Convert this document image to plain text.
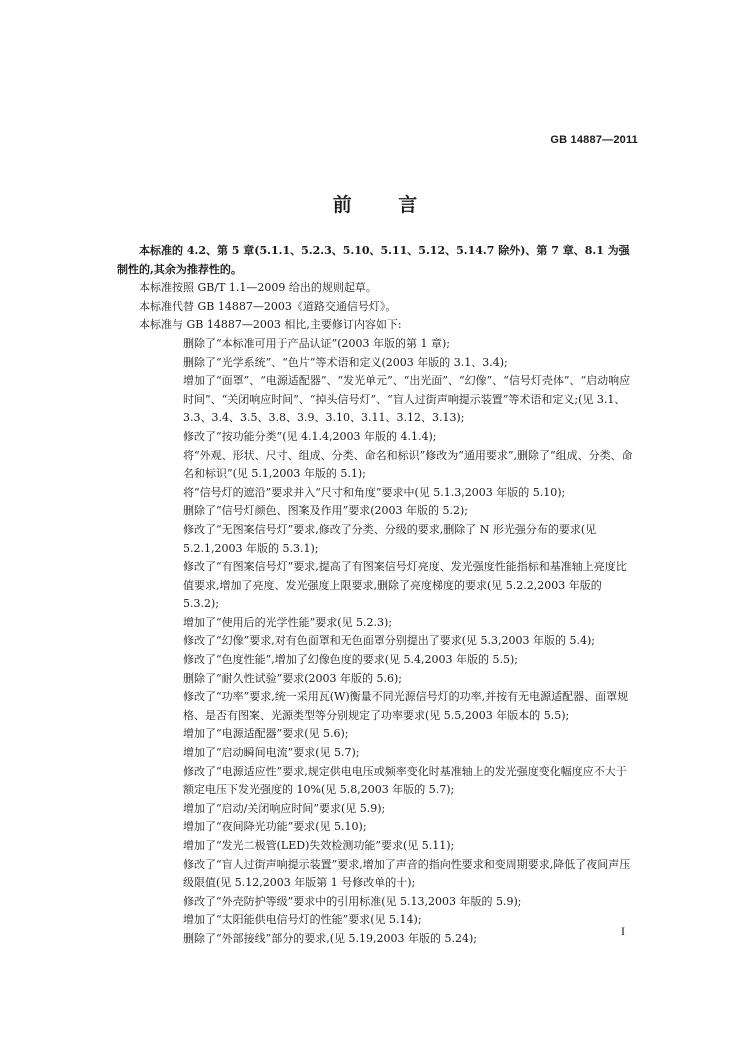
GB 14887—2011
前 言

本标准的 4.2、第 5 章(5.1.1、5.2.3、5.10、5.11、5.12、5.14.7 除外)、第 7 章、8.1 为强制性的,其余为推荐性的。

本标准按照 GB/T 1.1—2009 给出的规则起草。

本标准代替 GB 14887—2003《道路交通信号灯》。

本标准与 GB 14887—2003 相比,主要修订内容如下:

删除了“本标准可用于产品认证”(2003 年版的第 1 章);

删除了“光学系统”、“色片”等术语和定义(2003 年版的 3.1、3.4);

增加了“面罩”、“电源适配器”、“发光单元”、“出光面”、“幻像”、“信号灯壳体”、“启动响应时间”、“关闭响应时间”、“掉头信号灯”、“盲人过街声响提示装置”等术语和定义;(见 3.1、3.3、3.4、3.5、3.8、3.9、3.10、3.11、3.12、3.13);

修改了“按功能分类”(见 4.1.4,2003 年版的 4.1.4);

将“外观、形状、尺寸、组成、分类、命名和标识”修改为“通用要求”,删除了“组成、分类、命名和标识”(见 5.1,2003 年版的 5.1);

将“信号灯的遮沿”要求并入“尺寸和角度”要求中(见 5.1.3,2003 年版的 5.10);

删除了“信号灯颜色、图案及作用”要求(2003 年版的 5.2);

修改了“无图案信号灯”要求,修改了分类、分级的要求,删除了 N 形光强分布的要求(见 5.2.1,2003 年版的 5.3.1);

修改了“有图案信号灯”要求,提高了有图案信号灯亮度、发光强度性能指标和基准轴上亮度比值要求,增加了亮度、发光强度上限要求,删除了亮度梯度的要求(见 5.2.2,2003 年版的 5.3.2);

增加了“使用后的光学性能”要求(见 5.2.3);

修改了“幻像”要求,对有色面罩和无色面罩分别提出了要求(见 5.3,2003 年版的 5.4);

修改了“色度性能”,增加了幻像色度的要求(见 5.4,2003 年版的 5.5);

删除了“耐久性试验”要求(2003 年版的 5.6);

修改了“功率”要求,统一采用瓦(W)衡量不同光源信号灯的功率,并按有无电源适配器、面罩规格、是否有图案、光源类型等分别规定了功率要求(见 5.5,2003 年版本的 5.5);

增加了“电源适配器”要求(见 5.6);

增加了“启动瞬间电流”要求(见 5.7);

修改了“电源适应性”要求,规定供电电压或频率变化时基准轴上的发光强度变化幅度应不大于额定电压下发光强度的 10%(见 5.8,2003 年版的 5.7);

增加了“启动/关闭响应时间”要求(见 5.9);

增加了“夜间降光功能”要求(见 5.10);

增加了“发光二极管(LED)失效检测功能”要求(见 5.11);

修改了“盲人过街声响提示装置”要求,增加了声音的指向性要求和变周期要求,降低了夜间声压级限值(见 5.12,2003 年版第 1 号修改单的十);

修改了“外壳防护等级”要求中的引用标准(见 5.13,2003 年版的 5.9);

增加了“太阳能供电信号灯的性能”要求(见 5.14);

删除了“外部接线”部分的要求,(见 5.19,2003 年版的 5.24);

I
